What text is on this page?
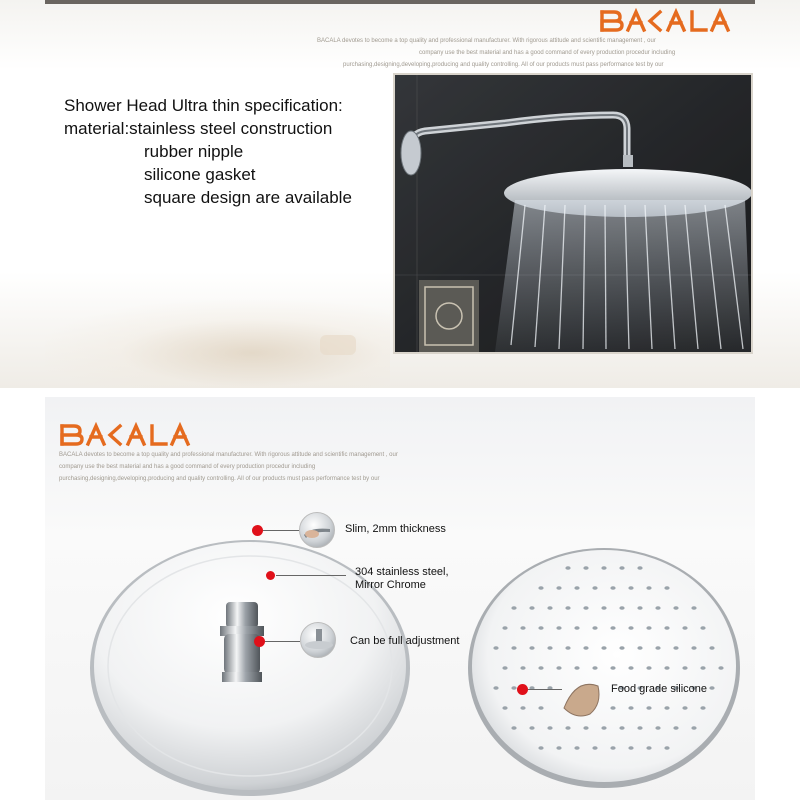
BAKALA
BACALA devotes to become a top quality and professional manufacturer. With rigorous attitude and scientific management , our
company use the best material and has a good command of every production procedur including
purchasing,designing,developing,producing and quality controlling. All of our products must pass performance test by our
Shower Head Ultra thin specification:
material:stainless steel construction
rubber nipple
silicone gasket
square design are available
BAKALA
BACALA devotes to become a top quality and professional manufacturer. With rigorous attitude and scientific management , our
company use the best material and has a good command of every production procedur including
purchasing,designing,developing,producing and quality controlling. All of our products must pass performance test by our
Slim, 2mm thickness
304 stainless steel,
Mirror Chrome
Can be full adjustment
Food grade silicone
